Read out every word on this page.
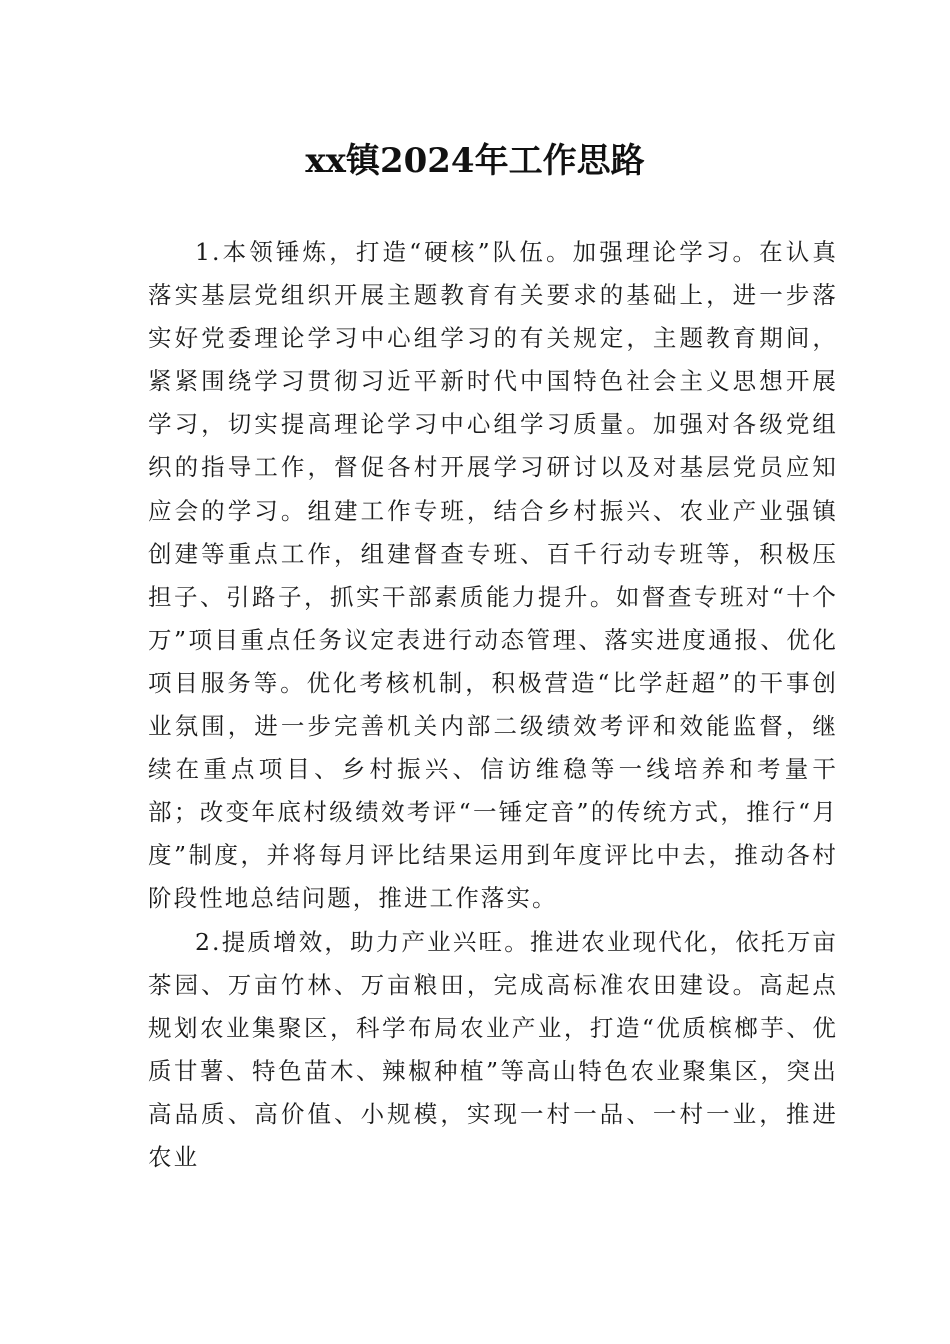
xx镇2024年工作思路

1.本领锤炼，打造“硬核”队伍。加强理论学习。在认真落实基层党组织开展主题教育有关要求的基础上，进一步落实好党委理论学习中心组学习的有关规定，主题教育期间，紧紧围绕学习贯彻习近平新时代中国特色社会主义思想开展学习，切实提高理论学习中心组学习质量。加强对各级党组织的指导工作，督促各村开展学习研讨以及对基层党员应知应会的学习。组建工作专班，结合乡村振兴、农业产业强镇创建等重点工作，组建督查专班、百千行动专班等，积极压担子、引路子，抓实干部素质能力提升。如督查专班对“十个万”项目重点任务议定表进行动态管理、落实进度通报、优化项目服务等。优化考核机制，积极营造“比学赶超”的干事创业氛围，进一步完善机关内部二级绩效考评和效能监督，继续在重点项目、乡村振兴、信访维稳等一线培养和考量干部；改变年底村级绩效考评“一锤定音”的传统方式，推行“月度”制度，并将每月评比结果运用到年度评比中去，推动各村阶段性地总结问题，推进工作落实。

2.提质增效，助力产业兴旺。推进农业现代化，依托万亩茶园、万亩竹林、万亩粮田，完成高标准农田建设。高起点规划农业集聚区，科学布局农业产业，打造“优质槟榔芋、优质甘薯、特色苗木、辣椒种植”等高山特色农业聚集区，突出高品质、高价值、小规模，实现一村一品、一村一业，推进农业
